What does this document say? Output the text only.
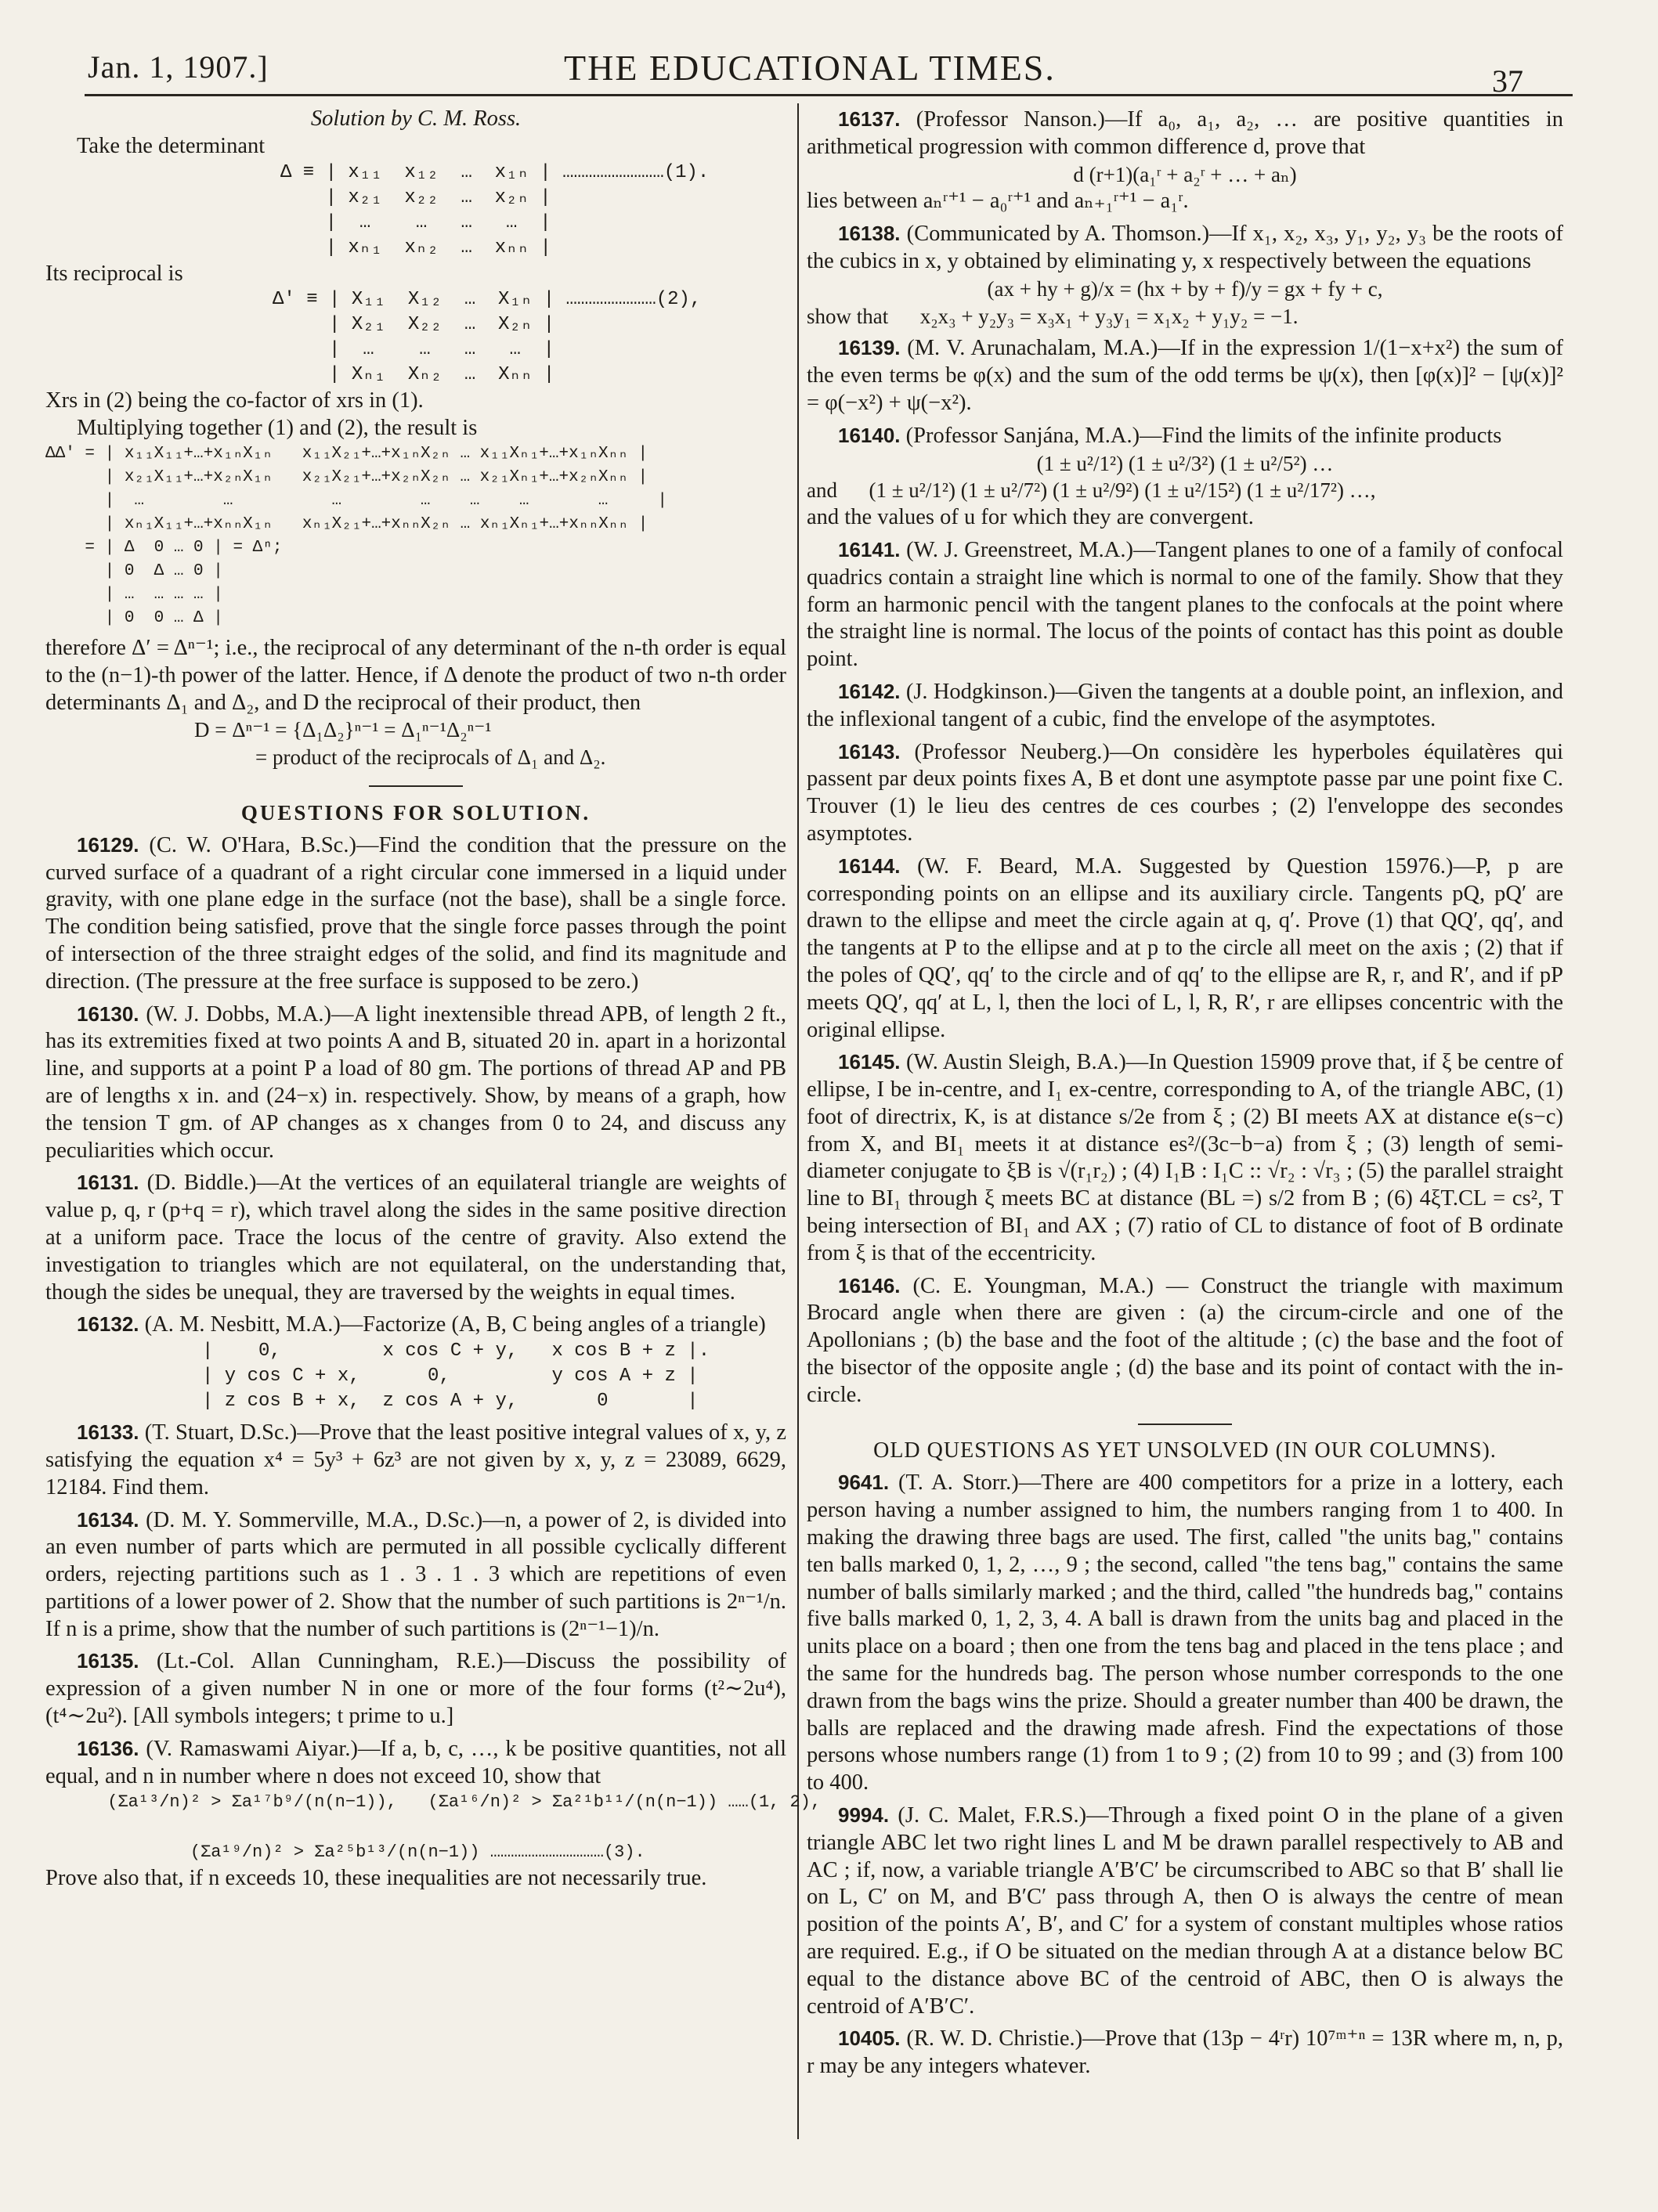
Jan. 1, 1907.]	THE EDUCATIONAL TIMES.	37

Solution by C. M. Ross.

Take the determinant

Δ ≡ | x₁₁  x₁₂  …  x₁ₙ | ………………………(1).
| x₂₁  x₂₂  …  x₂ₙ |
|  …    …   …   …  |
| xₙ₁  xₙ₂  …  xₙₙ |

Its reciprocal is

Δ′ ≡ | X₁₁  X₁₂  …  X₁ₙ | ……………………(2),
| X₂₁  X₂₂  …  X₂ₙ |
|  …    …   …   …  |
| Xₙ₁  Xₙ₂  …  Xₙₙ |

Xrs in (2) being the co-factor of xrs in (1).

Multiplying together (1) and (2), the result is

ΔΔ′ = | x₁₁X₁₁+…+x₁ₙX₁ₙ   x₁₁X₂₁+…+x₁ₙX₂ₙ … x₁₁Xₙ₁+…+x₁ₙXₙₙ |
| x₂₁X₁₁+…+x₂ₙX₁ₙ   x₂₁X₂₁+…+x₂ₙX₂ₙ … x₂₁Xₙ₁+…+x₂ₙXₙₙ |
|  …        …          …        …    …    …       …     |
| xₙ₁X₁₁+…+xₙₙX₁ₙ   xₙ₁X₂₁+…+xₙₙX₂ₙ … xₙ₁Xₙ₁+…+xₙₙXₙₙ |
= | Δ  0 … 0 | = Δⁿ;
| 0  Δ … 0 |
| …  … … … |
| 0  0 … Δ |

therefore Δ′ = Δⁿ⁻¹; i.e., the reciprocal of any determinant of the n-th order is equal to the (n−1)-th power of the latter. Hence, if Δ denote the product of two n-th order determinants Δ₁ and Δ₂, and D the reciprocal of their product, then

D = Δⁿ⁻¹ = {Δ₁Δ₂}ⁿ⁻¹ = Δ₁ⁿ⁻¹Δ₂ⁿ⁻¹

= product of the reciprocals of Δ₁ and Δ₂.

QUESTIONS FOR SOLUTION.

16129. (C. W. O'Hara, B.Sc.)—Find the condition that the pressure on the curved surface of a quadrant of a right circular cone immersed in a liquid under gravity, with one plane edge in the surface (not the base), shall be a single force. The condition being satisfied, prove that the single force passes through the point of intersection of the three straight edges of the solid, and find its magnitude and direction. (The pressure at the free surface is supposed to be zero.)

16130. (W. J. Dobbs, M.A.)—A light inextensible thread APB, of length 2 ft., has its extremities fixed at two points A and B, situated 20 in. apart in a horizontal line, and supports at a point P a load of 80 gm. The portions of thread AP and PB are of lengths x in. and (24−x) in. respectively. Show, by means of a graph, how the tension T gm. of AP changes as x changes from 0 to 24, and discuss any peculiarities which occur.

16131. (D. Biddle.)—At the vertices of an equilateral triangle are weights of value p, q, r (p+q = r), which travel along the sides in the same positive direction at a uniform pace. Trace the locus of the centre of gravity. Also extend the investigation to triangles which are not equilateral, on the understanding that, though the sides be unequal, they are traversed by the weights in equal times.

16132. (A. M. Nesbitt, M.A.)—Factorize (A, B, C being angles of a triangle)

|    0,         x cos C + y,   x cos B + z |.
| y cos C + x,      0,         y cos A + z |
| z cos B + x,  z cos A + y,       0       |

16133. (T. Stuart, D.Sc.)—Prove that the least positive integral values of x, y, z satisfying the equation x⁴ = 5y³ + 6z³ are not given by x, y, z = 23089, 6629, 12184. Find them.

16134. (D. M. Y. Sommerville, M.A., D.Sc.)—n, a power of 2, is divided into an even number of parts which are permuted in all possible cyclically different orders, rejecting partitions such as 1 . 3 . 1 . 3 which are repetitions of even partitions of a lower power of 2. Show that the number of such partitions is 2ⁿ⁻¹/n. If n is a prime, show that the number of such partitions is (2ⁿ⁻¹−1)/n.

16135. (Lt.-Col. Allan Cunningham, R.E.)—Discuss the possibility of expression of a given number N in one or more of the four forms (t²∼2u⁴), (t⁴∼2u²). [All symbols integers; t prime to u.]

16136. (V. Ramaswami Aiyar.)—If a, b, c, …, k be positive quantities, not all equal, and n in number where n does not exceed 10, show that

(Σa¹³/n)² > Σa¹⁷b⁹/(n(n−1)),   (Σa¹⁶/n)² > Σa²¹b¹¹/(n(n−1)) ……(1, 2),

(Σa¹⁹/n)² > Σa²⁵b¹³/(n(n−1)) ……………………………(3).

Prove also that, if n exceeds 10, these inequalities are not necessarily true.

16137. (Professor Nanson.)—If a₀, a₁, a₂, … are positive quantities in arithmetical progression with common difference d, prove that

d (r+1)(a₁ʳ + a₂ʳ + … + aₙ)

lies between aₙʳ⁺¹ − a₀ʳ⁺¹ and aₙ₊₁ʳ⁺¹ − a₁ʳ.

16138. (Communicated by A. Thomson.)—If x₁, x₂, x₃, y₁, y₂, y₃ be the roots of the cubics in x, y obtained by eliminating y, x respectively between the equations

(ax + hy + g)/x = (hx + by + f)/y = gx + fy + c,

show that      x₂x₃ + y₂y₃ = x₃x₁ + y₃y₁ = x₁x₂ + y₁y₂ = −1.

16139. (M. V. Arunachalam, M.A.)—If in the expression 1/(1−x+x²) the sum of the even terms be φ(x) and the sum of the odd terms be ψ(x), then [φ(x)]² − [ψ(x)]² = φ(−x²) + ψ(−x²).

16140. (Professor Sanjána, M.A.)—Find the limits of the infinite products

(1 ± u²/1²) (1 ± u²/3²) (1 ± u²/5²) …

and      (1 ± u²/1²) (1 ± u²/7²) (1 ± u²/9²) (1 ± u²/15²) (1 ± u²/17²) …,

and the values of u for which they are convergent.

16141. (W. J. Greenstreet, M.A.)—Tangent planes to one of a family of confocal quadrics contain a straight line which is normal to one of the family. Show that they form an harmonic pencil with the tangent planes to the confocals at the point where the straight line is normal. The locus of the points of contact has this point as double point.

16142. (J. Hodgkinson.)—Given the tangents at a double point, an inflexion, and the inflexional tangent of a cubic, find the envelope of the asymptotes.

16143. (Professor Neuberg.)—On considère les hyperboles équilatères qui passent par deux points fixes A, B et dont une asymptote passe par une point fixe C. Trouver (1) le lieu des centres de ces courbes ; (2) l'enveloppe des secondes asymptotes.

16144. (W. F. Beard, M.A. Suggested by Question 15976.)—P, p are corresponding points on an ellipse and its auxiliary circle. Tangents pQ, pQ′ are drawn to the ellipse and meet the circle again at q, q′. Prove (1) that QQ′, qq′, and the tangents at P to the ellipse and at p to the circle all meet on the axis ; (2) that if the poles of QQ′, qq′ to the circle and of qq′ to the ellipse are R, r, and R′, and if pP meets QQ′, qq′ at L, l, then the loci of L, l, R, R′, r are ellipses concentric with the original ellipse.

16145. (W. Austin Sleigh, B.A.)—In Question 15909 prove that, if ξ be centre of ellipse, I be in-centre, and I₁ ex-centre, corresponding to A, of the triangle ABC, (1) foot of directrix, K, is at distance s/2e from ξ ; (2) BI meets AX at distance e(s−c) from X, and BI₁ meets it at distance es²/(3c−b−a) from ξ ; (3) length of semi-diameter conjugate to ξB is √(r₁r₂) ; (4) I₁B : I₁C :: √r₂ : √r₃ ; (5) the parallel straight line to BI₁ through ξ meets BC at distance (BL =) s/2 from B ; (6) 4ξT.CL = cs², T being intersection of BI₁ and AX ; (7) ratio of CL to distance of foot of B ordinate from ξ is that of the eccentricity.

16146. (C. E. Youngman, M.A.) — Construct the triangle with maximum Brocard angle when there are given : (a) the circum-circle and one of the Apollonians ; (b) the base and the foot of the altitude ; (c) the base and the foot of the bisector of the opposite angle ; (d) the base and its point of contact with the in-circle.

OLD QUESTIONS AS YET UNSOLVED (IN OUR COLUMNS).

9641. (T. A. Storr.)—There are 400 competitors for a prize in a lottery, each person having a number assigned to him, the numbers ranging from 1 to 400. In making the drawing three bags are used. The first, called "the units bag," contains ten balls marked 0, 1, 2, …, 9 ; the second, called "the tens bag," contains the same number of balls similarly marked ; and the third, called "the hundreds bag," contains five balls marked 0, 1, 2, 3, 4. A ball is drawn from the units bag and placed in the units place on a board ; then one from the tens bag and placed in the tens place ; and the same for the hundreds bag. The person whose number corresponds to the one drawn from the bags wins the prize. Should a greater number than 400 be drawn, the balls are replaced and the drawing made afresh. Find the expectations of those persons whose numbers range (1) from 1 to 9 ; (2) from 10 to 99 ; and (3) from 100 to 400.

9994. (J. C. Malet, F.R.S.)—Through a fixed point O in the plane of a given triangle ABC let two right lines L and M be drawn parallel respectively to AB and AC ; if, now, a variable triangle A′B′C′ be circumscribed to ABC so that B′ shall lie on L, C′ on M, and B′C′ pass through A, then O is always the centre of mean position of the points A′, B′, and C′ for a system of constant multiples whose ratios are required. E.g., if O be situated on the median through A at a distance below BC equal to the distance above BC of the centroid of ABC, then O is always the centroid of A′B′C′.

10405. (R. W. D. Christie.)—Prove that (13p − 4ʳr) 10⁷ᵐ⁺ⁿ = 13R where m, n, p, r may be any integers whatever.
